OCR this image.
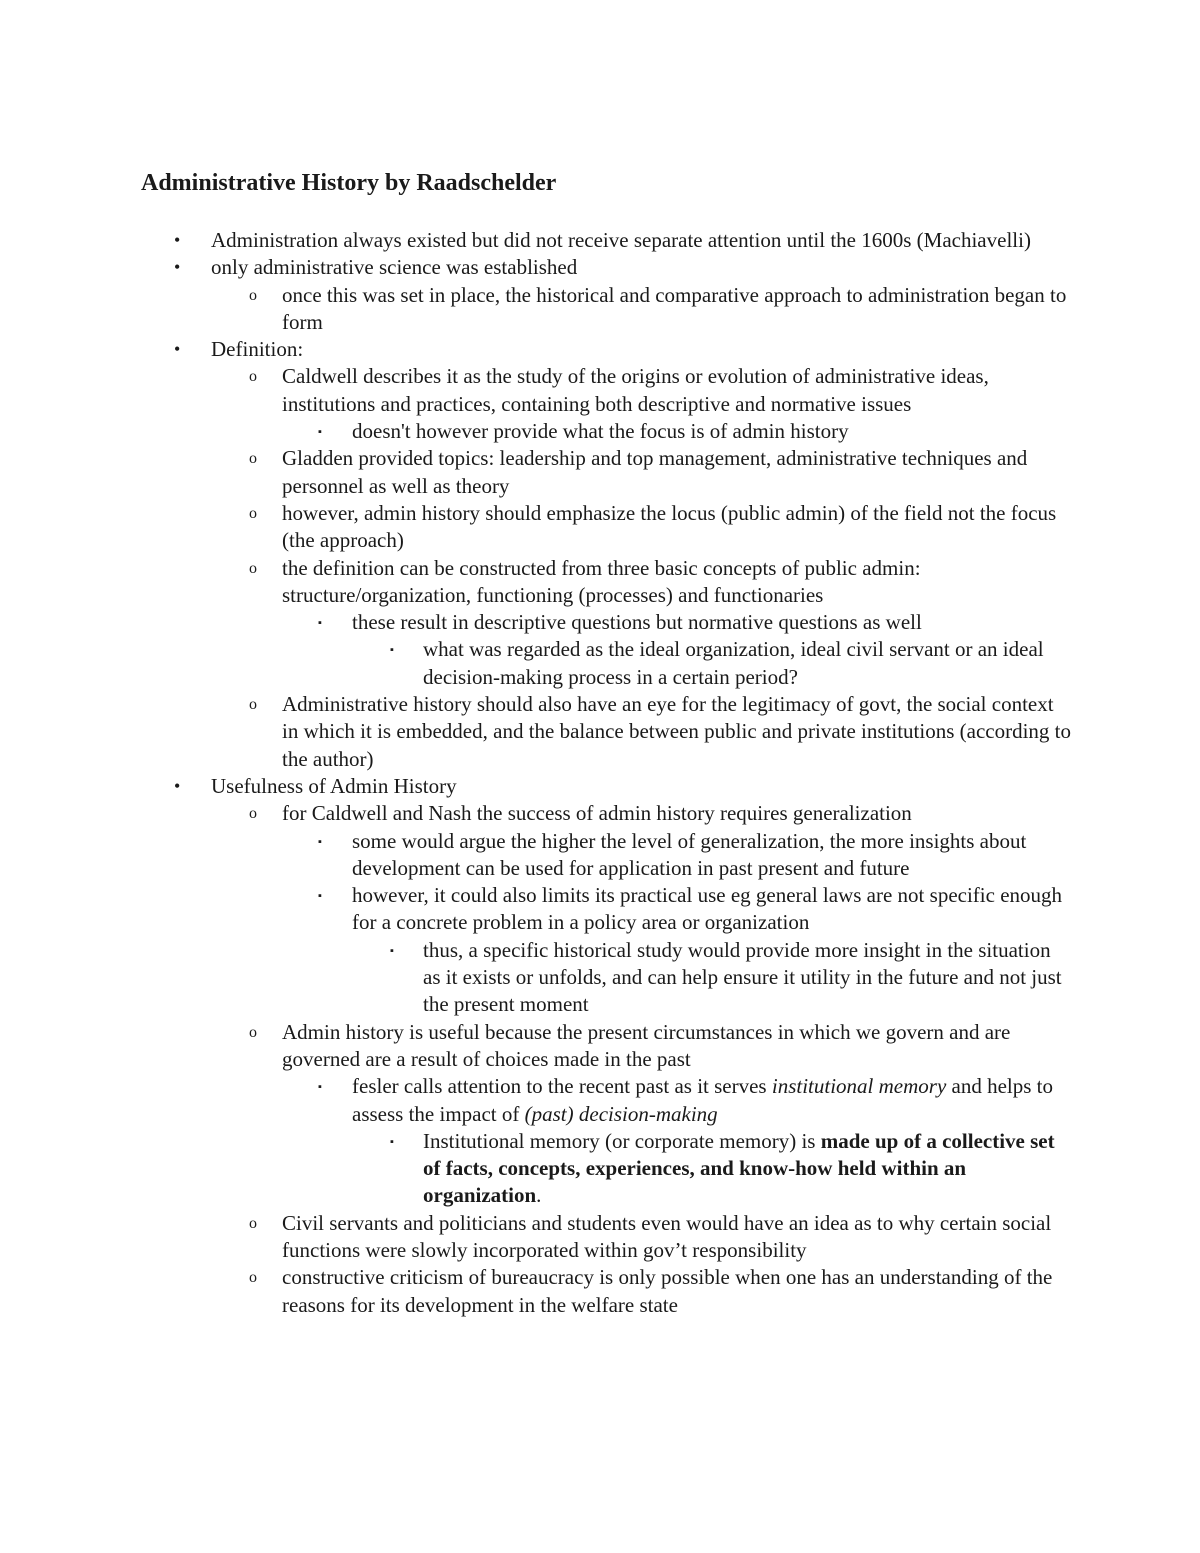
Administrative History by Raadschelder
• Administration always existed but did not receive separate attention until the 1600s (Machiavelli)
• only administrative science was established
o once this was set in place, the historical and comparative approach to administration began to form
• Definition:
o Caldwell describes it as the study of the origins or evolution of administrative ideas, institutions and practices, containing both descriptive and normative issues
▪ doesn't however provide what the focus is of admin history
o Gladden provided topics: leadership and top management, administrative techniques and personnel as well as theory
o however, admin history should emphasize the locus (public admin) of the field not the focus (the approach)
o the definition can be constructed from three basic concepts of public admin: structure/organization, functioning (processes) and functionaries
▪ these result in descriptive questions but normative questions as well
▪ what was regarded as the ideal organization, ideal civil servant or an ideal decision-making process in a certain period?
o Administrative history should also have an eye for the legitimacy of govt, the social context in which it is embedded, and the balance between public and private institutions (according to the author)
• Usefulness of Admin History
o for Caldwell and Nash the success of admin history requires generalization
▪ some would argue the higher the level of generalization, the more insights about development can be used for application in past present and future
▪ however, it could also limits its practical use eg general laws are not specific enough for a concrete problem in a policy area or organization
▪ thus, a specific historical study would provide more insight in the situation as it exists or unfolds, and can help ensure it utility in the future and not just the present moment
o Admin history is useful because the present circumstances in which we govern and are governed are a result of choices made in the past
▪ fesler calls attention to the recent past as it serves institutional memory and helps to assess the impact of (past) decision-making
▪ Institutional memory (or corporate memory) is made up of a collective set of facts, concepts, experiences, and know-how held within an organization.
o Civil servants and politicians and students even would have an idea as to why certain social functions were slowly incorporated within gov’t responsibility
o constructive criticism of bureaucracy is only possible when one has an understanding of the reasons for its development in the welfare state
